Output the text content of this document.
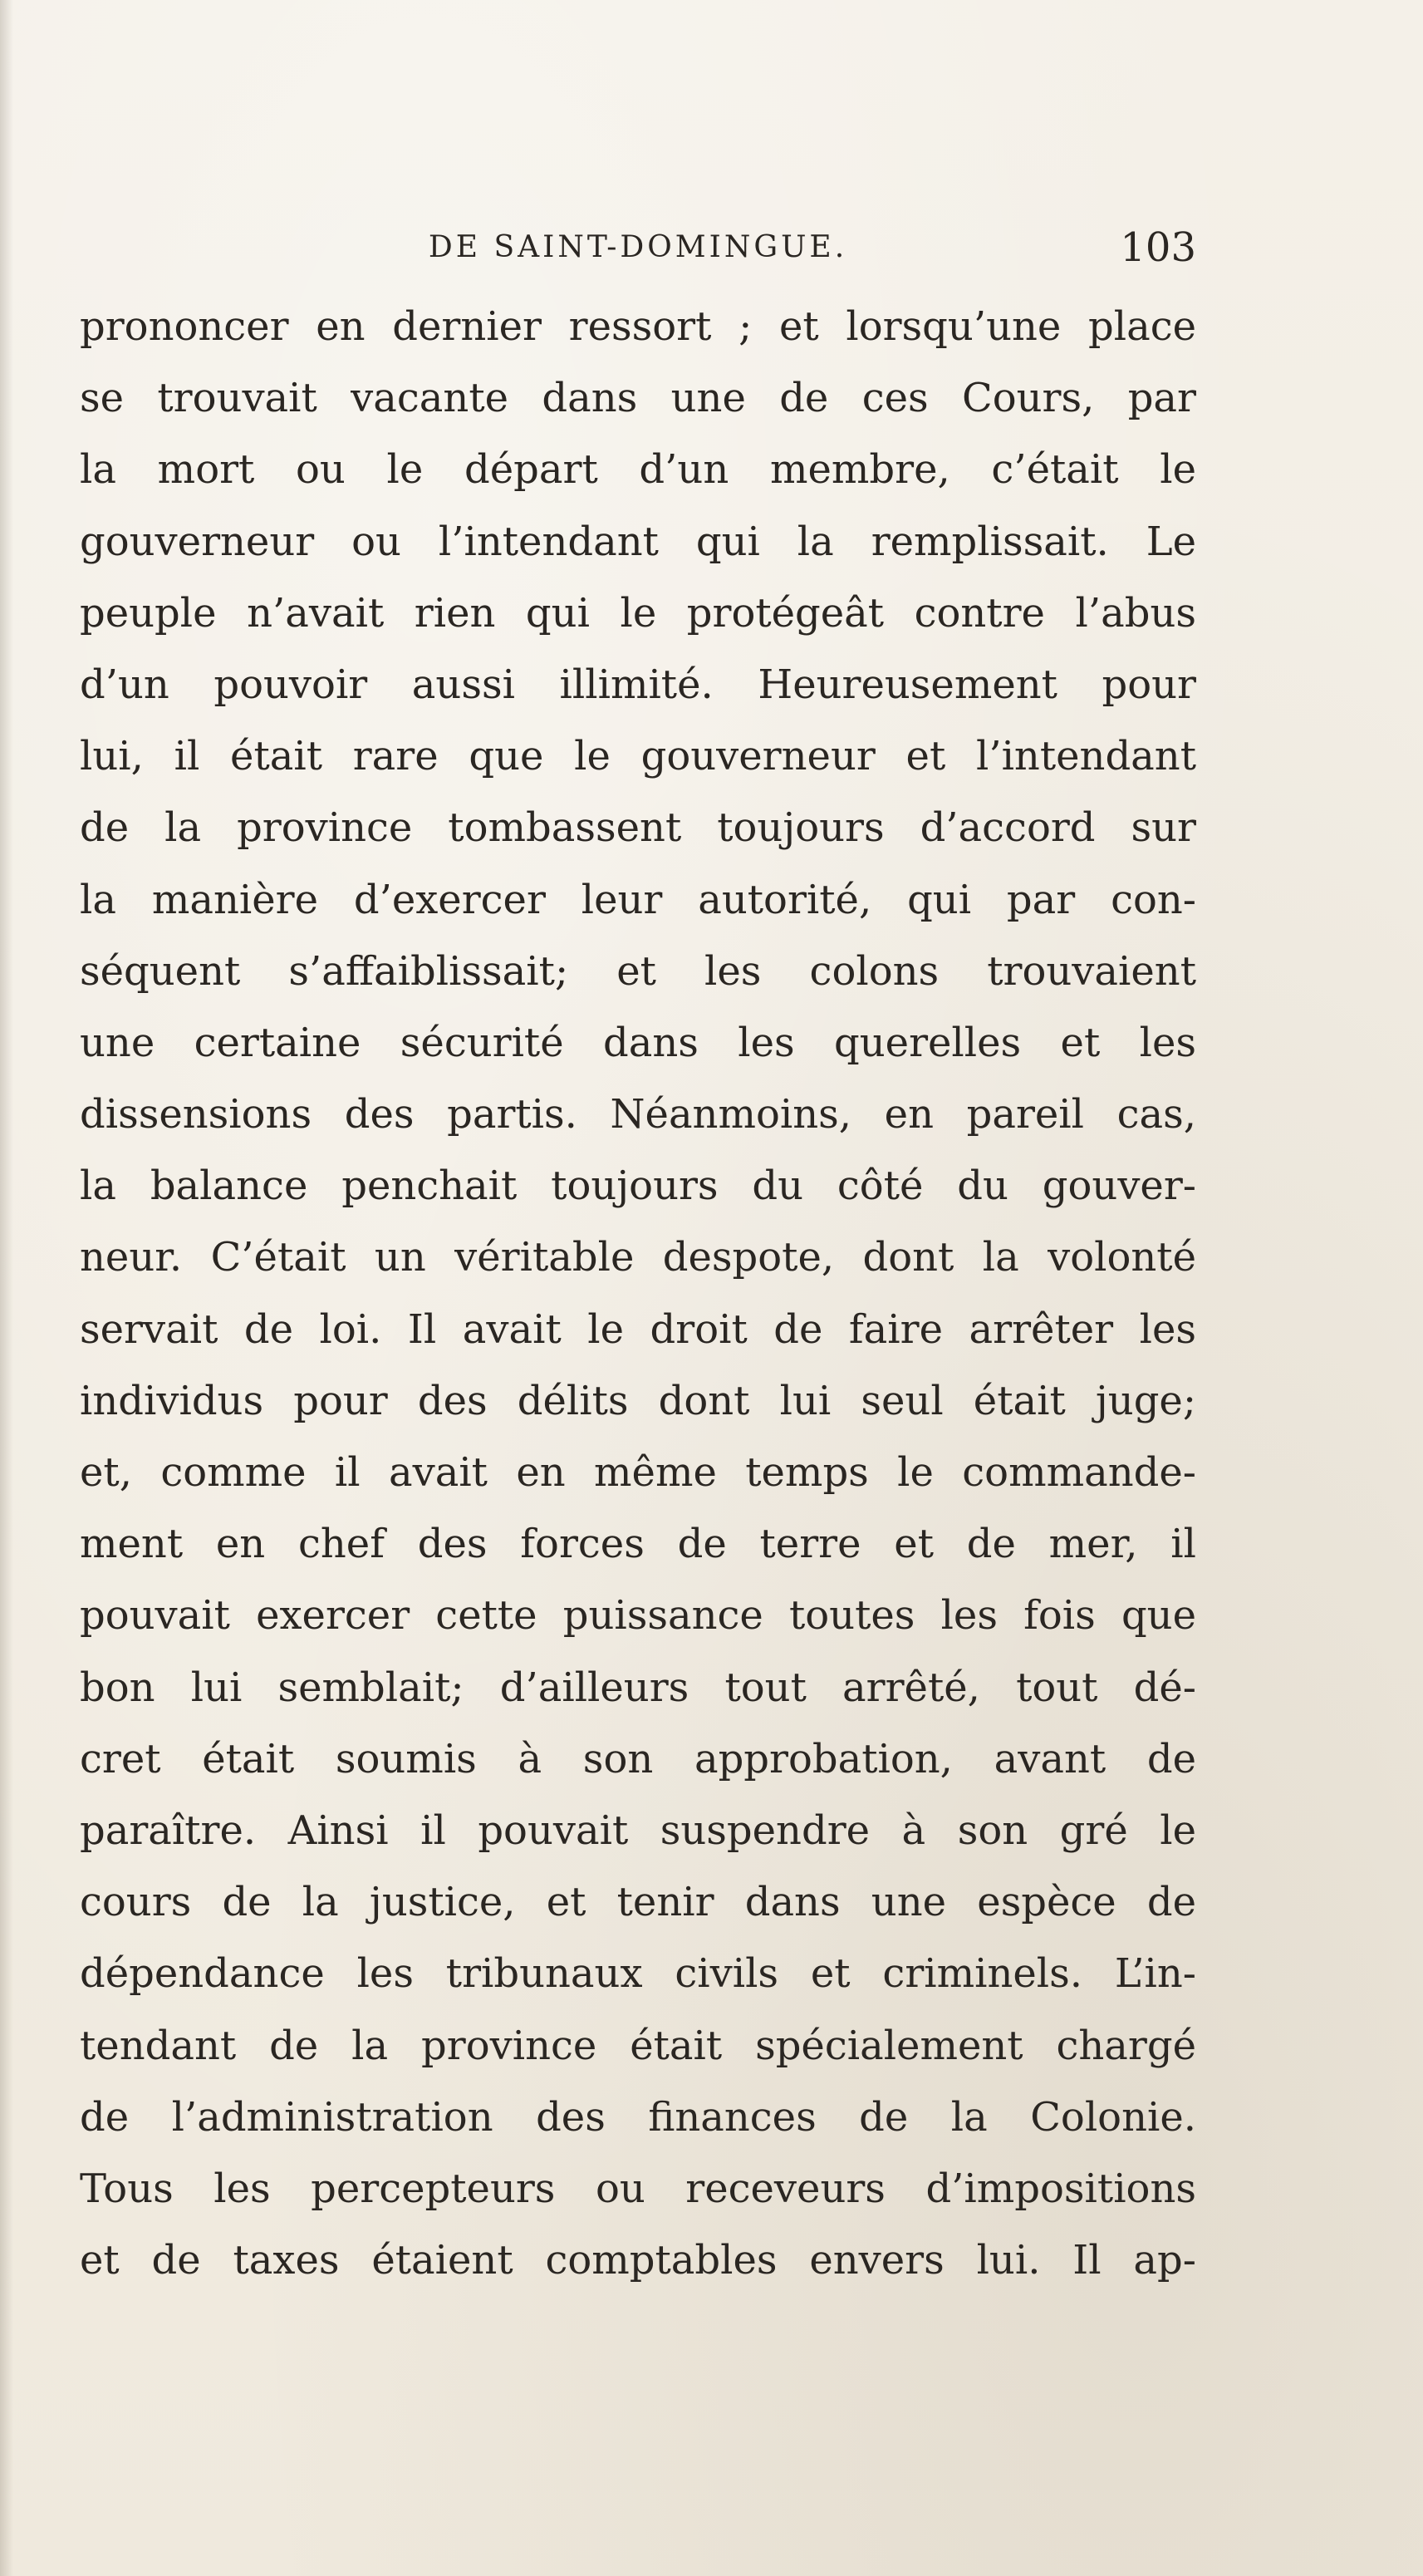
DE SAINT-DOMINGUE.	103
prononcer en dernier ressort ; et lorsqu’une place
se trouvait vacante dans une de ces Cours, par
la mort ou le départ d’un membre, c’était le
gouverneur ou l’intendant qui la remplissait. Le
peuple n’avait rien qui le protégeât contre l’abus
d’un pouvoir aussi illimité. Heureusement pour
lui, il était rare que le gouverneur et l’intendant
de la province tombassent toujours d’accord sur
la manière d’exercer leur autorité, qui par con-
séquent s’affaiblissait; et les colons trouvaient
une certaine sécurité dans les querelles et les
dissensions des partis. Néanmoins, en pareil cas,
la balance penchait toujours du côté du gouver-
neur. C’était un véritable despote, dont la volonté
servait de loi. Il avait le droit de faire arrêter les
individus pour des délits dont lui seul était juge;
et, comme il avait en même temps le commande-
ment en chef des forces de terre et de mer, il
pouvait exercer cette puissance toutes les fois que
bon lui semblait; d’ailleurs tout arrêté, tout dé-
cret était soumis à son approbation, avant de
paraître. Ainsi il pouvait suspendre à son gré le
cours de la justice, et tenir dans une espèce de
dépendance les tribunaux civils et criminels. L’in-
tendant de la province était spécialement chargé
de l’administration des finances de la Colonie.
Tous les percepteurs ou receveurs d’impositions
et de taxes étaient comptables envers lui. Il ap-
